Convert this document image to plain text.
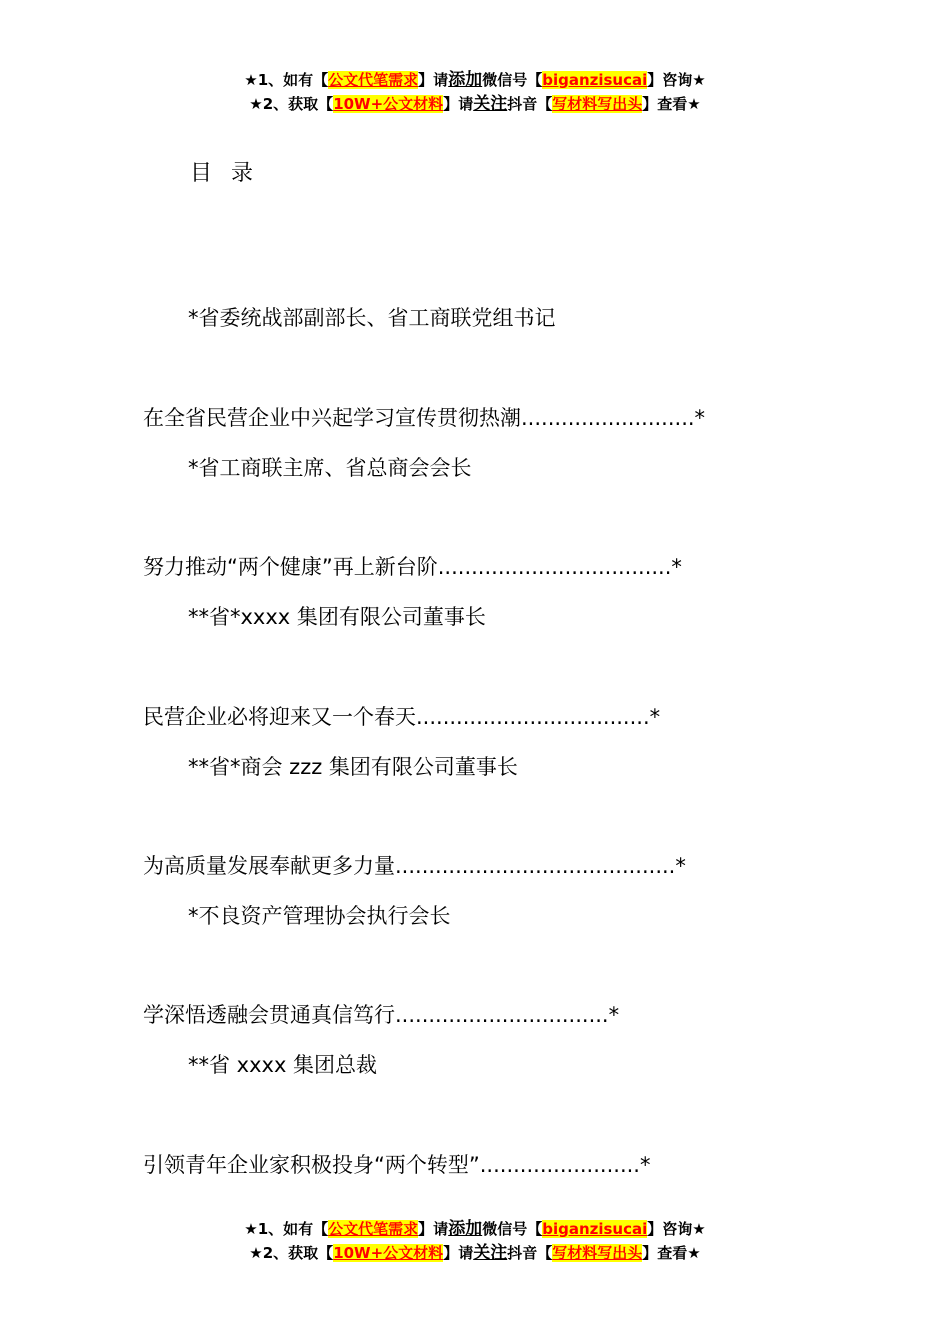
★1、如有【公文代笔需求】请添加微信号【biganzisucai】咨询★
★2、获取【10W+公文材料】请关注抖音【写材料写出头】查看★
目 录
*省委统战部副部长、省工商联党组书记
在全省民营企业中兴起学习宣传贯彻热潮..........................*
*省工商联主席、省总商会会长
努力推动“两个健康”再上新台阶...................................*
**省*xxxx 集团有限公司董事长
民营企业必将迎来又一个春天...................................*
**省*商会 zzz 集团有限公司董事长
为高质量发展奉献更多力量..........................................*
*不良资产管理协会执行会长
学深悟透融会贯通真信笃行................................*
**省 xxxx 集团总裁
引领青年企业家积极投身“两个转型”........................*
★1、如有【公文代笔需求】请添加微信号【biganzisucai】咨询★
★2、获取【10W+公文材料】请关注抖音【写材料写出头】查看★
